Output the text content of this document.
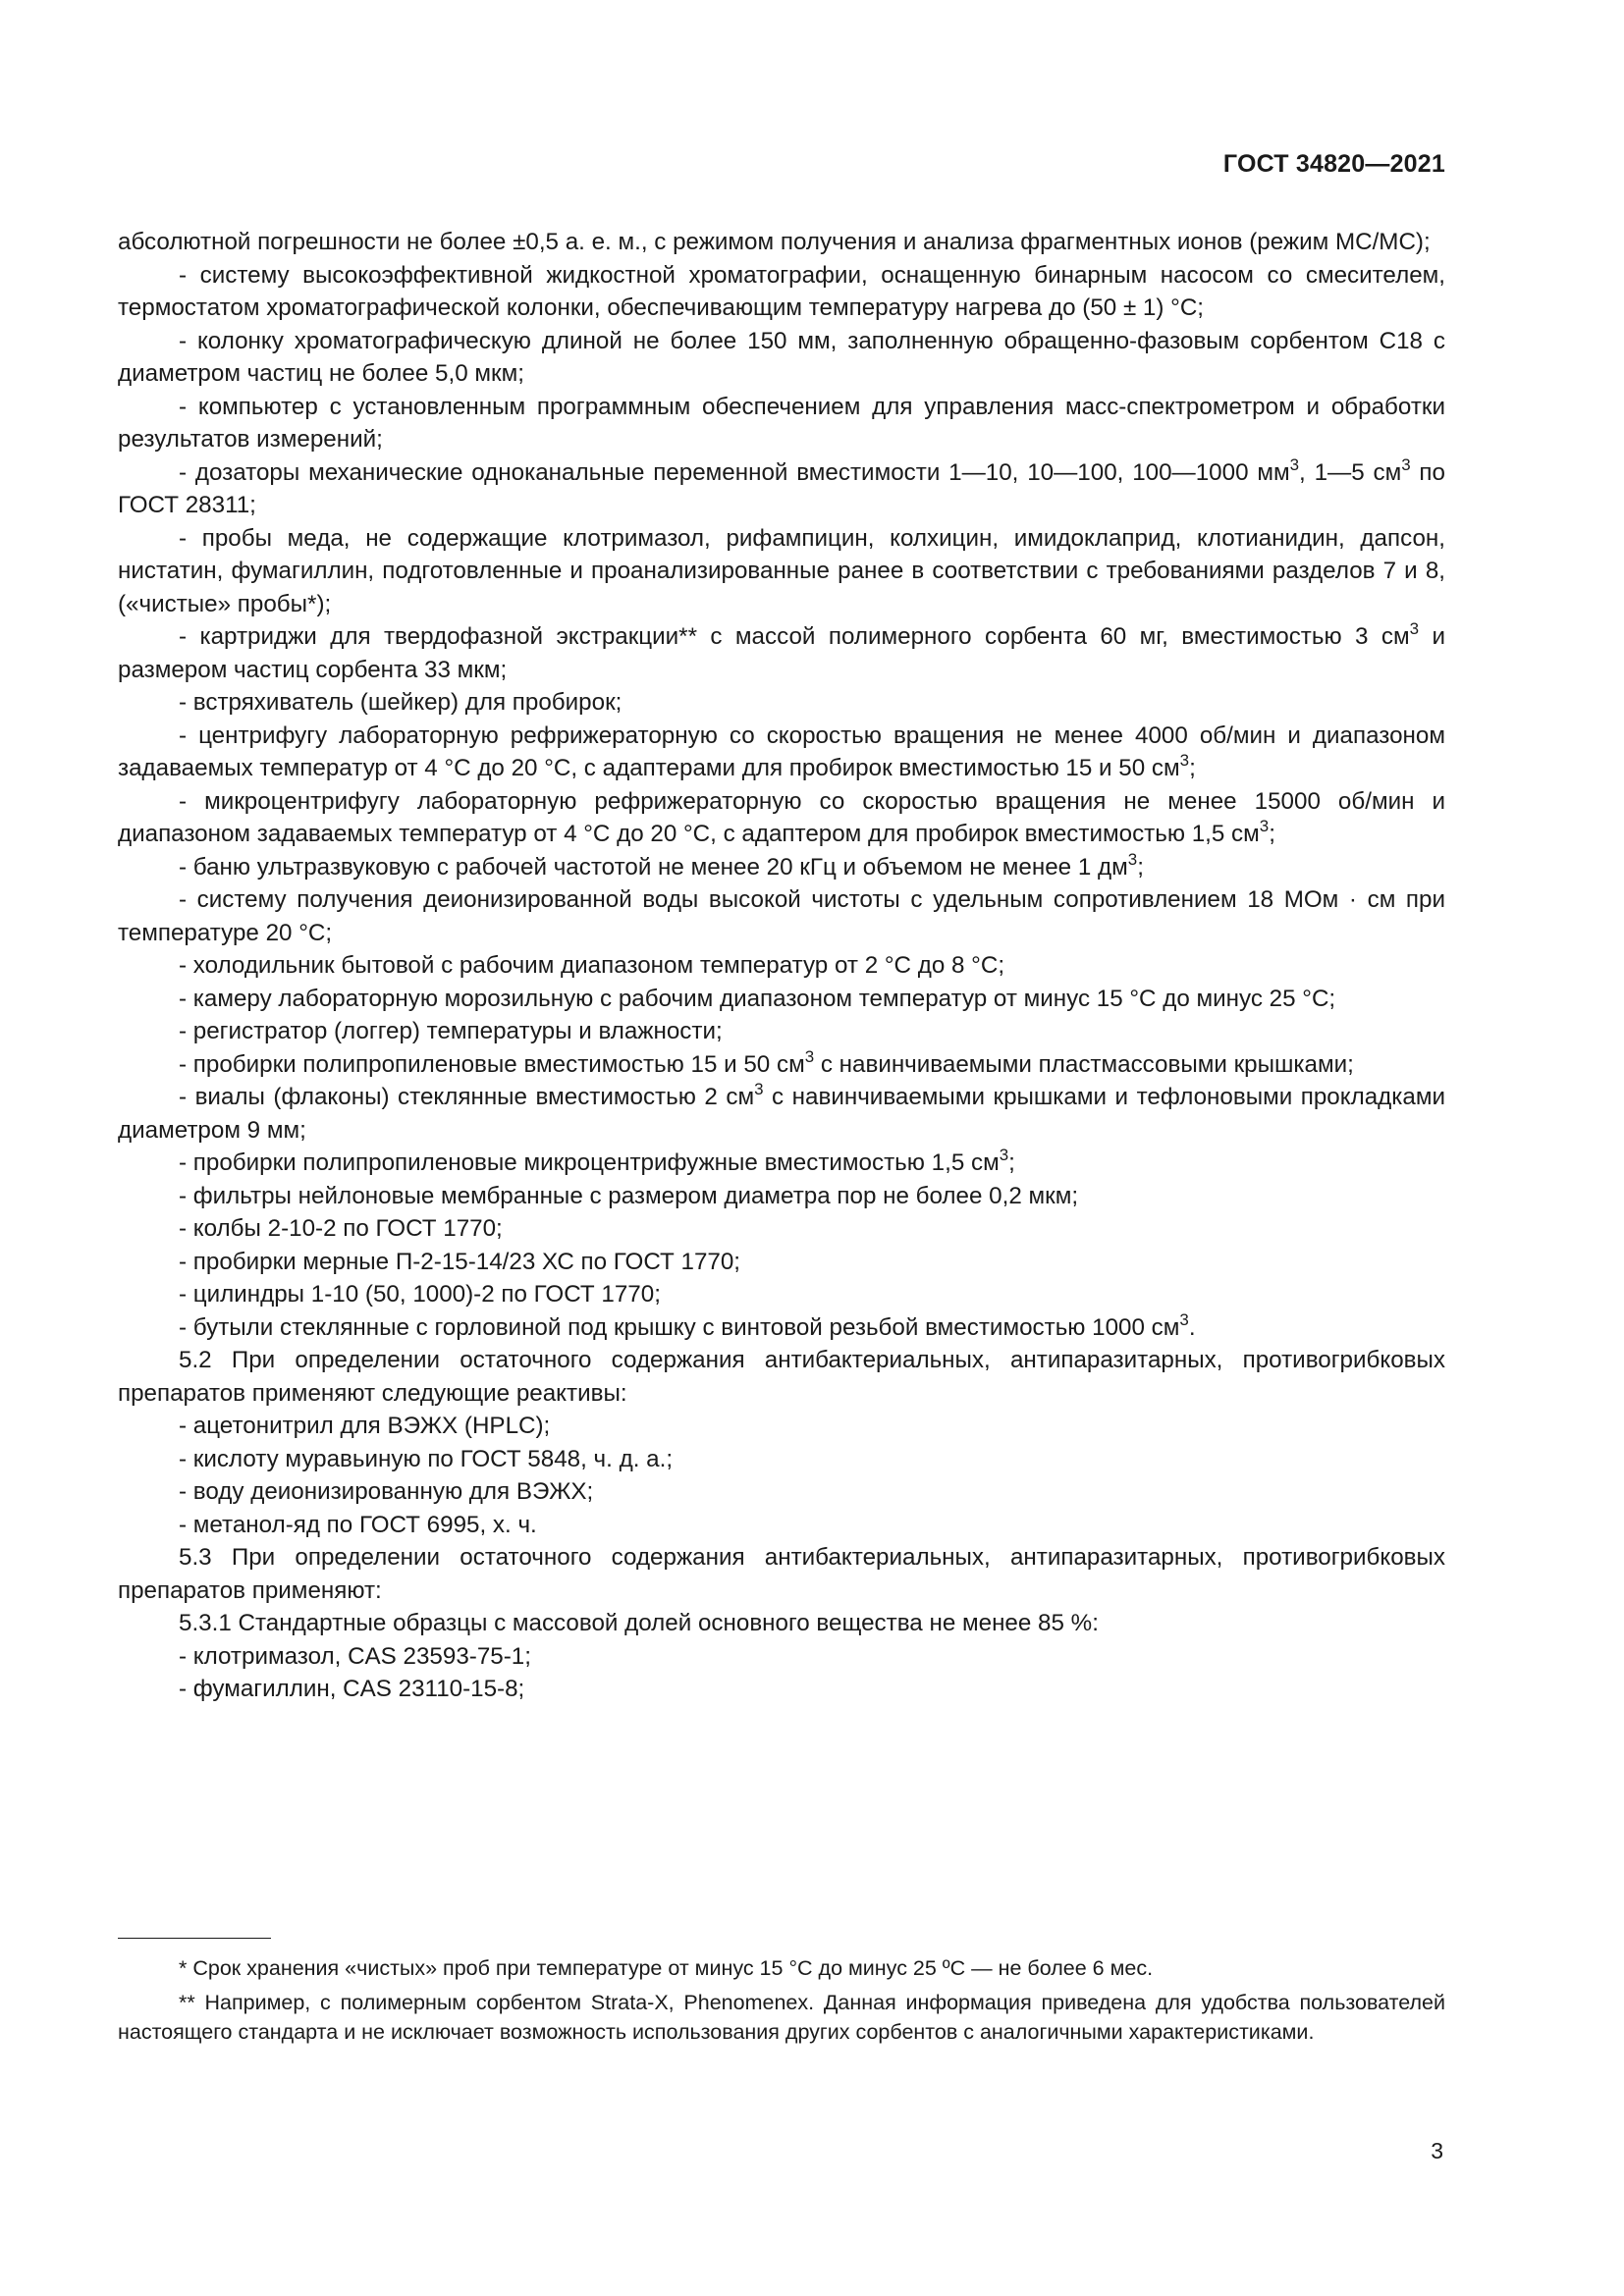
ГОСТ 34820—2021

абсолютной погрешности не более ±0,5 а. е. м., с режимом получения и анализа фрагментных ионов (режим МС/МС);

- систему высокоэффективной жидкостной хроматографии, оснащенную бинарным насосом со смесителем, термостатом хроматографической колонки, обеспечивающим температуру нагрева до (50 ± 1) °С;

- колонку хроматографическую длиной не более 150 мм, заполненную обращенно-фазовым сорбентом С18 с диаметром частиц не более 5,0 мкм;

- компьютер с установленным программным обеспечением для управления масс-спектрометром и обработки результатов измерений;

- дозаторы механические одноканальные переменной вместимости 1—10, 10—100, 100—1000 $мм^3$, 1—5 $см^3$ по ГОСТ 28311;

- пробы меда, не содержащие клотримазол, рифампицин, колхицин, имидоклаприд, клотианидин, дапсон, нистатин, фумагиллин, подготовленные и проанализированные ранее в соответствии с требованиями разделов 7 и 8, («чистые» пробы*);

- картриджи для твердофазной экстракции** с массой полимерного сорбента 60 мг, вместимостью 3 $см^3$ и размером частиц сорбента 33 мкм;

- встряхиватель (шейкер) для пробирок;

- центрифугу лабораторную рефрижераторную со скоростью вращения не менее 4000 об/мин и диапазоном задаваемых температур от 4 °С до 20 °С, с адаптерами для пробирок вместимостью 15 и 50 $см^3$;

- микроцентрифугу лабораторную рефрижераторную со скоростью вращения не менее 15000 об/мин и диапазоном задаваемых температур от 4 °С до 20 °С, с адаптером для пробирок вместимостью 1,5 $см^3$;

- баню ультразвуковую с рабочей частотой не менее 20 кГц и объемом не менее 1 $дм^3$;

- систему получения деионизированной воды высокой чистоты с удельным сопротивлением 18 МОм · см при температуре 20 °С;

- холодильник бытовой с рабочим диапазоном температур от 2 °С до 8 °С;

- камеру лабораторную морозильную с рабочим диапазоном температур от минус 15 °С до минус 25 °С;

- регистратор (логгер) температуры и влажности;

- пробирки полипропиленовые вместимостью 15 и 50 $см^3$ с навинчиваемыми пластмассовыми крышками;

- виалы (флаконы) стеклянные вместимостью 2 $см^3$ с навинчиваемыми крышками и тефлоновыми прокладками диаметром 9 мм;

- пробирки полипропиленовые микроцентрифужные вместимостью 1,5 $см^3$;

- фильтры нейлоновые мембранные с размером диаметра пор не более 0,2 мкм;

- колбы 2-10-2 по ГОСТ 1770;

- пробирки мерные П-2-15-14/23 ХС по ГОСТ 1770;

- цилиндры 1-10 (50, 1000)-2 по ГОСТ 1770;

- бутыли стеклянные с горловиной под крышку с винтовой резьбой вместимостью 1000 $см^3$.

5.2 При определении остаточного содержания антибактериальных, антипаразитарных, противогрибковых препаратов применяют следующие реактивы:

- ацетонитрил для ВЭЖХ (HPLC);

- кислоту муравьиную по ГОСТ 5848, ч. д. а.;

- воду деионизированную для ВЭЖХ;

- метанол-яд по ГОСТ 6995, х. ч.

5.3 При определении остаточного содержания антибактериальных, антипаразитарных, противогрибковых препаратов применяют:

5.3.1 Стандартные образцы с массовой долей основного вещества не менее 85 %:

- клотримазол, CAS 23593-75-1;

- фумагиллин, CAS 23110-15-8;

* Срок хранения «чистых» проб при температуре от минус 15 °С до минус 25 ºС — не более 6 мес.

** Например, с полимерным сорбентом Strata-X, Phenomenex. Данная информация приведена для удобства пользователей настоящего стандарта и не исключает возможность использования других сорбентов с аналогичными характеристиками.

3
